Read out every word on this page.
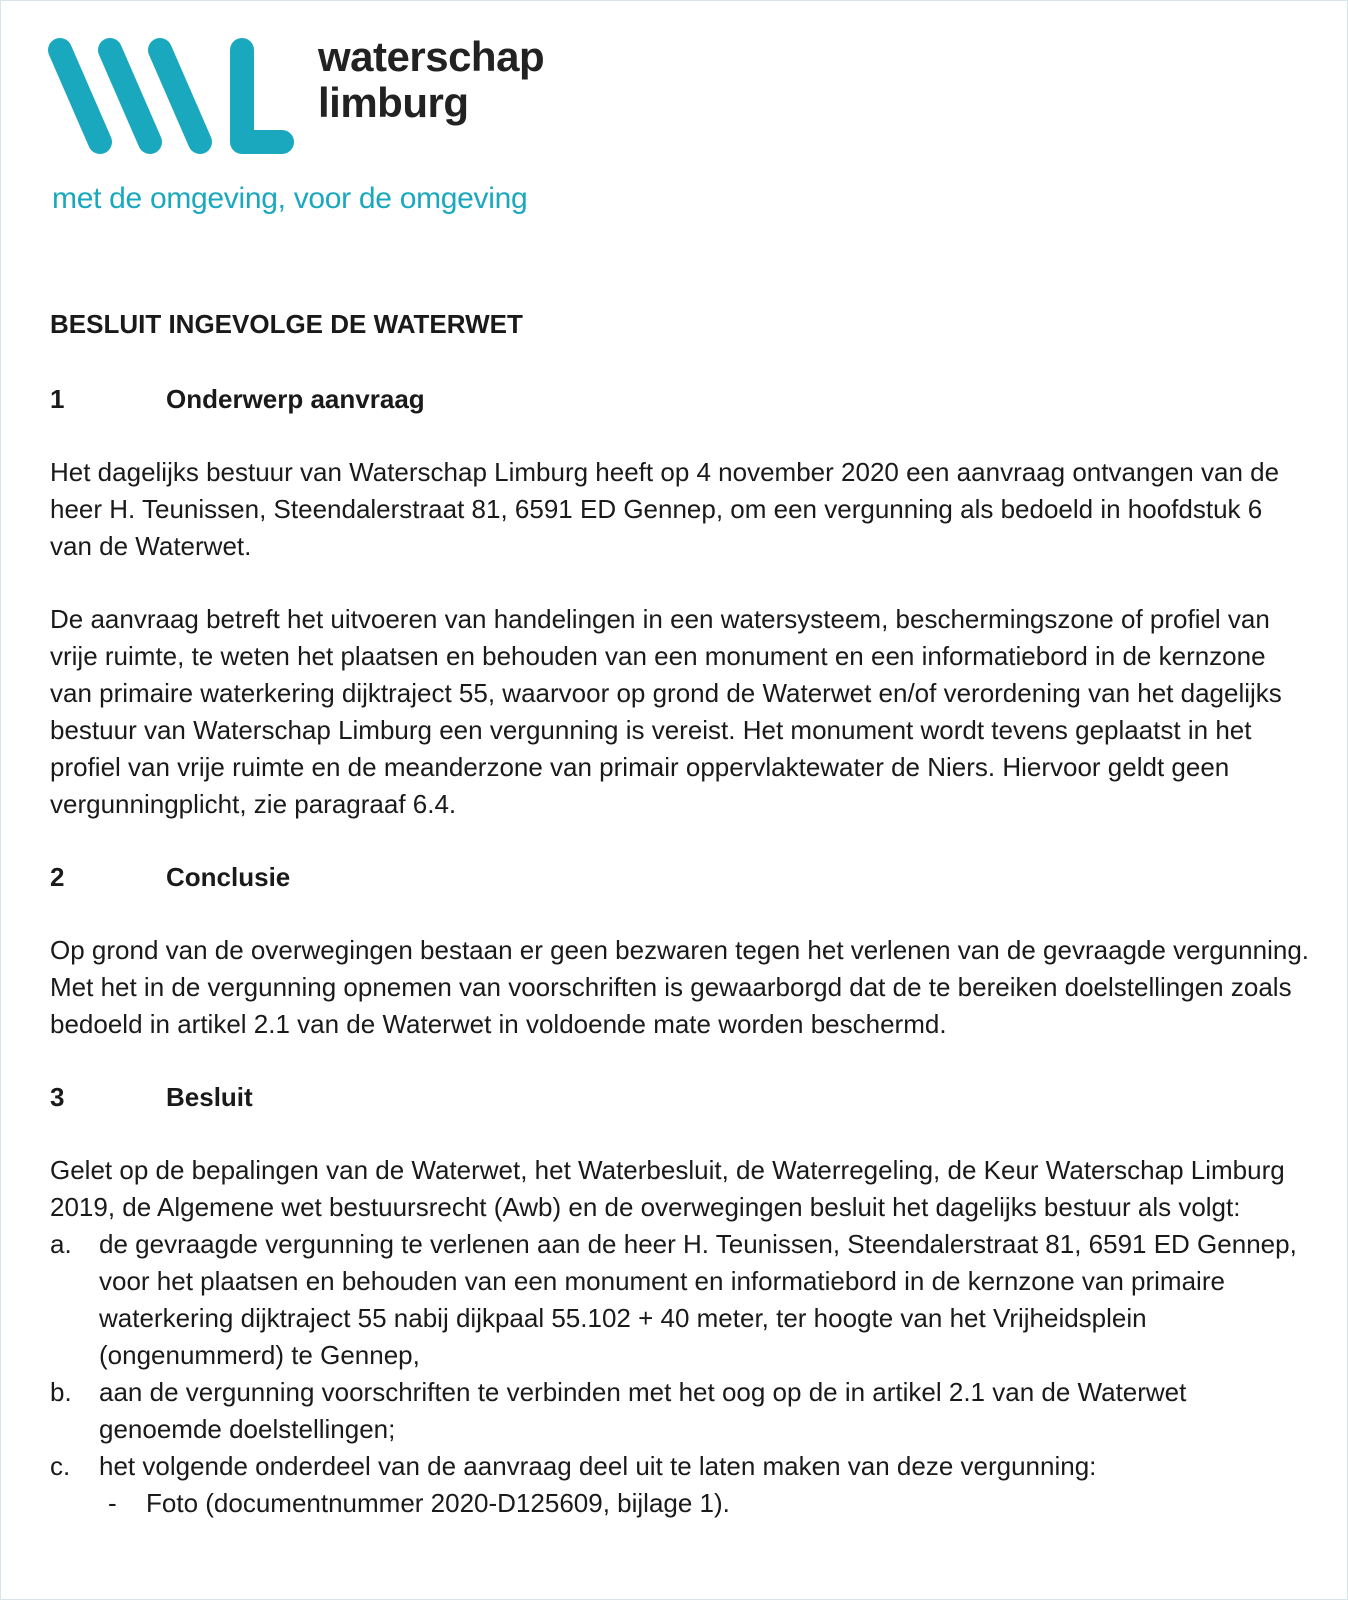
waterschap
limburg
met de omgeving, voor de omgeving
BESLUIT INGEVOLGE DE WATERWET
1	Onderwerp aanvraag

Het dagelijks bestuur van Waterschap Limburg heeft op 4 november 2020 een aanvraag ontvangen van de heer H. Teunissen, Steendalerstraat 81, 6591 ED Gennep, om een vergunning als bedoeld in hoofdstuk 6 van de Waterwet.

De aanvraag betreft het uitvoeren van handelingen in een watersysteem, beschermingszone of profiel van vrije ruimte, te weten het plaatsen en behouden van een monument en een informatiebord in de kernzone van primaire waterkering dijktraject 55, waarvoor op grond de Waterwet en/of verordening van het dagelijks bestuur van Waterschap Limburg een vergunning is vereist. Het monument wordt tevens geplaatst in het profiel van vrije ruimte en de meanderzone van primair oppervlaktewater de Niers. Hiervoor geldt geen vergunningplicht, zie paragraaf 6.4.

2	Conclusie

Op grond van de overwegingen bestaan er geen bezwaren tegen het verlenen van de gevraagde vergunning. Met het in de vergunning opnemen van voorschriften is gewaarborgd dat de te bereiken doelstellingen zoals bedoeld in artikel 2.1 van de Waterwet in voldoende mate worden beschermd.

3	Besluit
Gelet op de bepalingen van de Waterwet, het Waterbesluit, de Waterregeling, de Keur Waterschap Limburg 2019, de Algemene wet bestuursrecht (Awb) en de overwegingen besluit het dagelijks bestuur als volgt:
a.	de gevraagde vergunning te verlenen aan de heer H. Teunissen, Steendalerstraat 81, 6591 ED Gennep, voor het plaatsen en behouden van een monument en informatiebord in de kernzone van primaire waterkering dijktraject 55 nabij dijkpaal 55.102 + 40 meter, ter hoogte van het Vrijheidsplein (ongenummerd) te Gennep,
b.	aan de vergunning voorschriften te verbinden met het oog op de in artikel 2.1 van de Waterwet genoemde doelstellingen;
c.	het volgende onderdeel van de aanvraag deel uit te laten maken van deze vergunning:
-	Foto (documentnummer 2020-D125609, bijlage 1).
